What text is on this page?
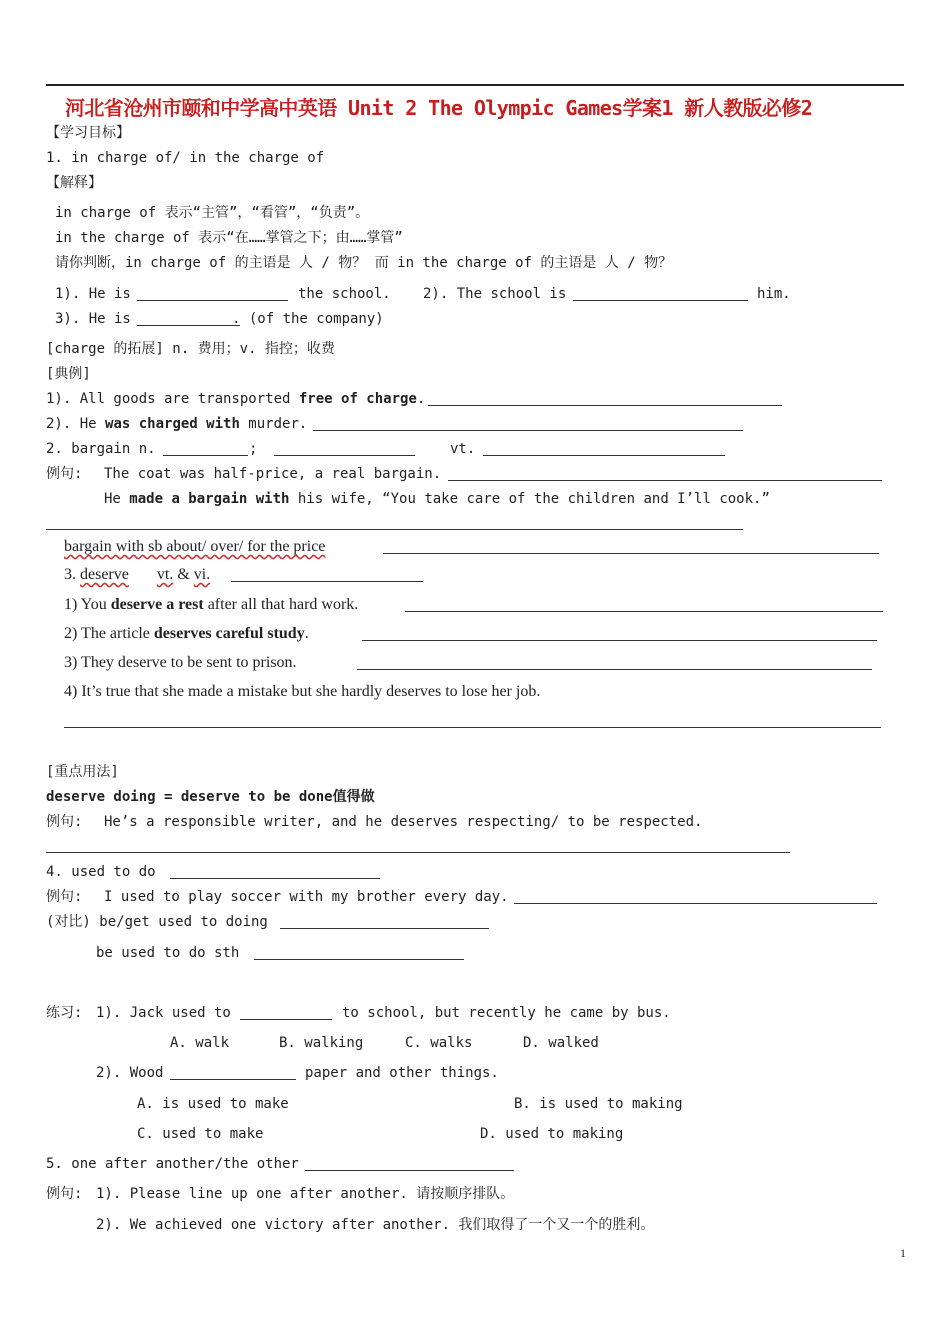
河北省沧州市颐和中学高中英语 Unit 2 The Olympic Games学案1 新人教版必修2
【学习目标】
1. in charge of/ in the charge of
【解释】
in charge of 表示“主管”，“看管”，“负责”。
in the charge of 表示“在……掌管之下；由……掌管”
请你判断，in charge of 的主语是 人 / 物？ 而 in the charge of 的主语是 人 / 物？
1). He is	the school. 2). The school is	him.
3). He is	. (of the company)
[charge 的拓展] n. 费用；v. 指控；收费
[典例]
1). All goods are transported free of charge.
2). He was charged with murder.
2. bargain n.	;	vt.
例句: The coat was half-price, a real bargain.
He made a bargain with his wife, “You take care of the children and I’ll cook.”
bargain with sb about/ over/ for the price
3. deserve vt. & vi.
1) You deserve a rest after all that hard work.
2) The article deserves careful study.
3) They deserve to be sent to prison.
4) It’s true that she made a mistake but she hardly deserves to lose her job.
[重点用法]
deserve doing = deserve to be done值得做
例句: He’s a responsible writer, and he deserves respecting/ to be respected.
4. used to do
例句: I used to play soccer with my brother every day.
(对比) be/get used to doing
be used to do sth
练习: 1). Jack used to	to school, but recently he came by bus.
A. walk	B. walking	C. walks	D. walked
2). Wood	paper and other things.
A. is used to make	B. is used to making
C. used to make	D. used to making
5. one after another/the other
例句: 1). Please line up one after another. 请按顺序排队。
2). We achieved one victory after another. 我们取得了一个又一个的胜利。
1
